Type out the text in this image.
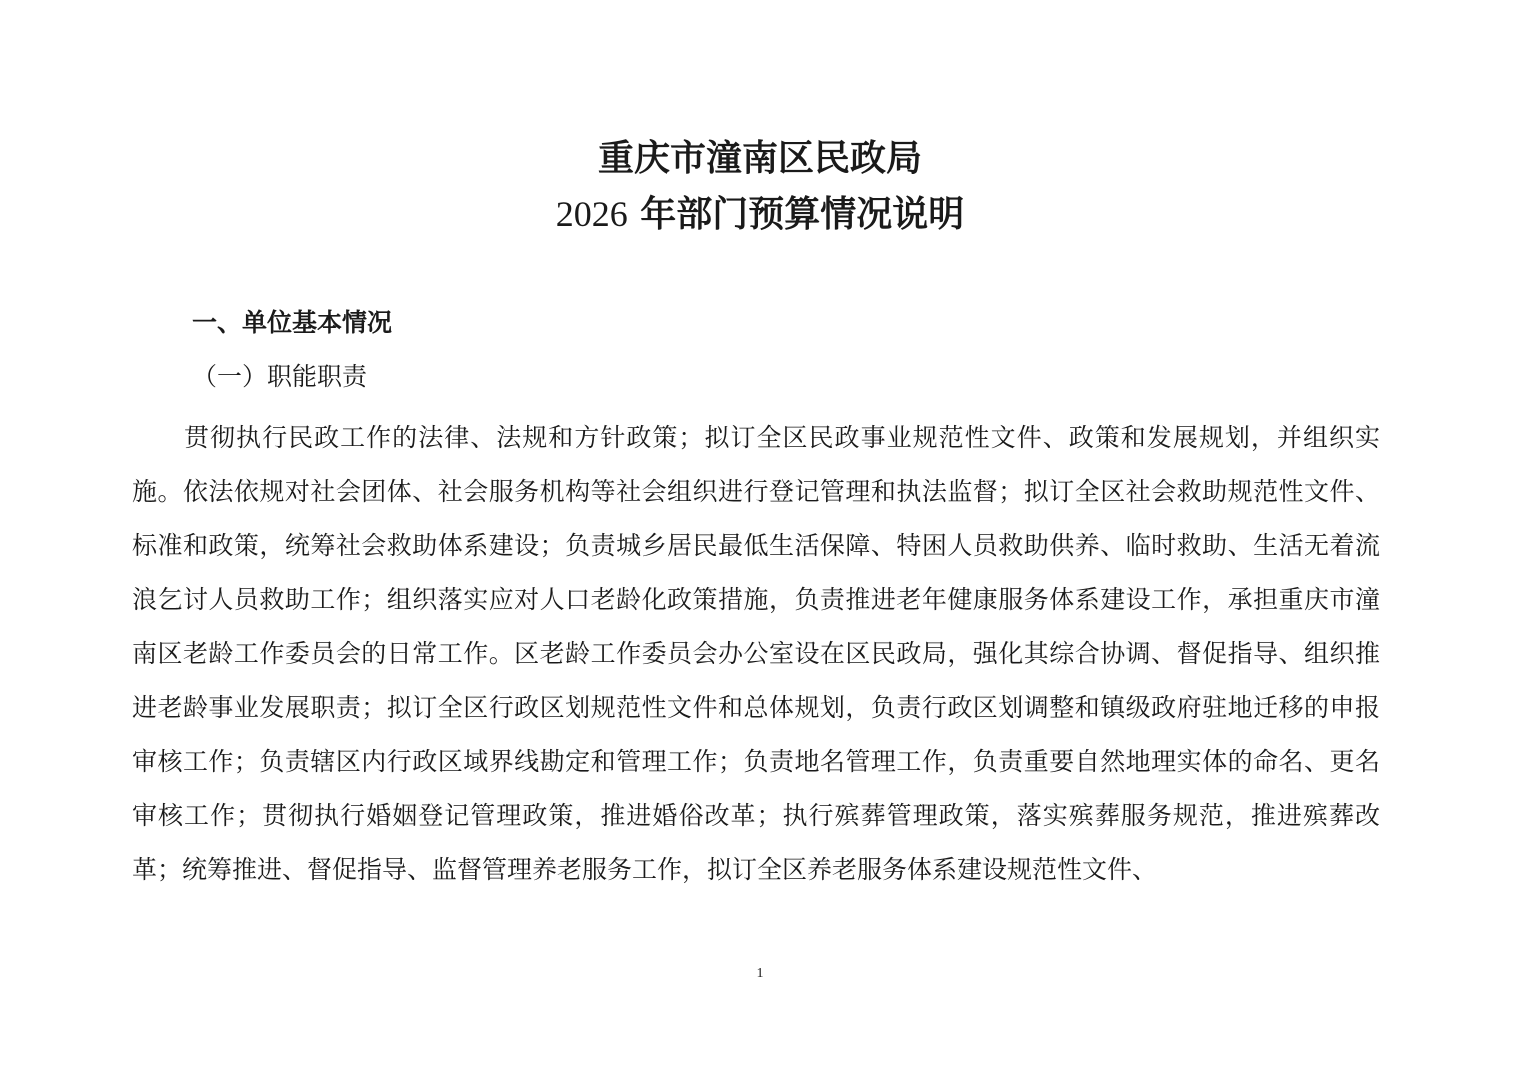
重庆市潼南区民政局
2026 年部门预算情况说明
一、单位基本情况
（一）职能职责

贯彻执行民政工作的法律、法规和方针政策；拟订全区民政事业规范性文件、政策和发展规划，并组织实施。依法依规对社会团体、社会服务机构等社会组织进行登记管理和执法监督；拟订全区社会救助规范性文件、标准和政策，统筹社会救助体系建设；负责城乡居民最低生活保障、特困人员救助供养、临时救助、生活无着流浪乞讨人员救助工作；组织落实应对人口老龄化政策措施，负责推进老年健康服务体系建设工作，承担重庆市潼南区老龄工作委员会的日常工作。区老龄工作委员会办公室设在区民政局，强化其综合协调、督促指导、组织推进老龄事业发展职责；拟订全区行政区划规范性文件和总体规划，负责行政区划调整和镇级政府驻地迁移的申报审核工作；负责辖区内行政区域界线勘定和管理工作；负责地名管理工作，负责重要自然地理实体的命名、更名审核工作；贯彻执行婚姻登记管理政策，推进婚俗改革；执行殡葬管理政策，落实殡葬服务规范，推进殡葬改革；统筹推进、督促指导、监督管理养老服务工作，拟订全区养老服务体系建设规范性文件、

1
